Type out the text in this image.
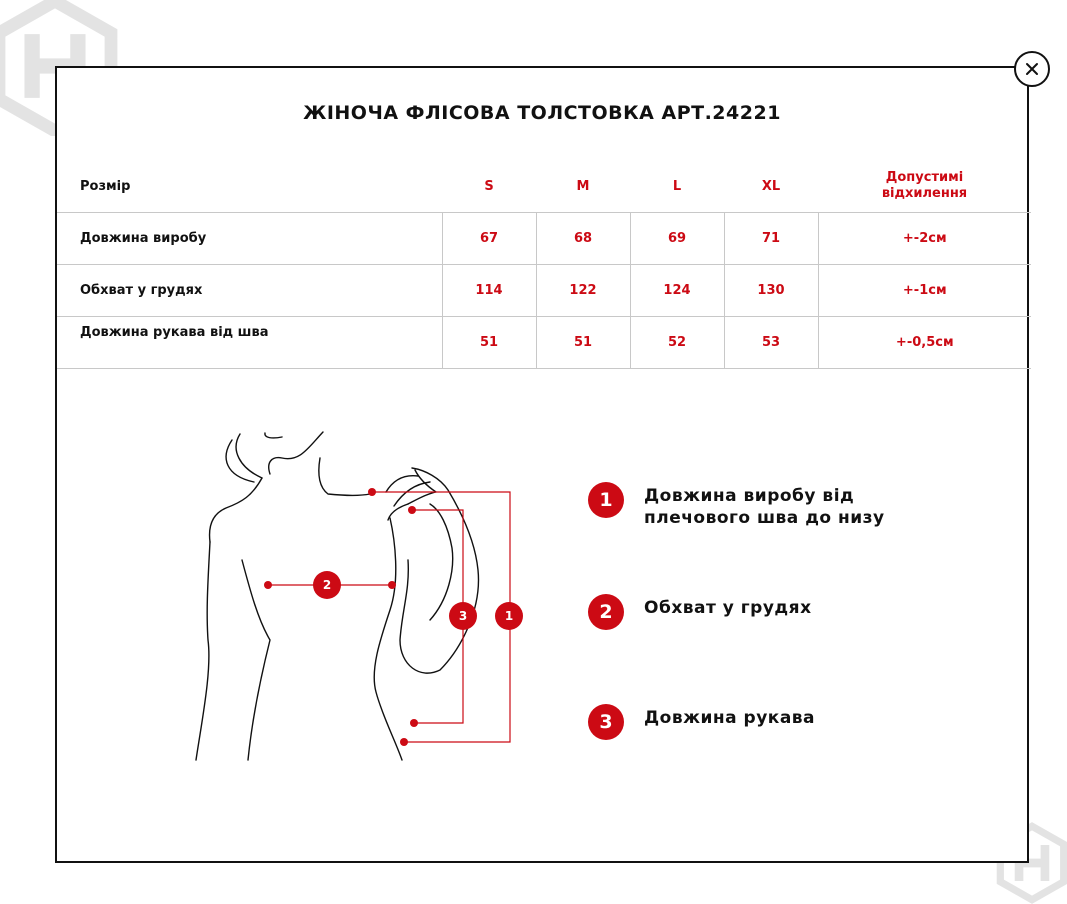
ЖІНОЧА ФЛІСОВА ТОЛСТОВКА АРТ.24221
Розмір	S	M	L	XL	Допустимі
відхилення
Довжина виробу	67	68	69	71	+-2см
Обхват у грудях	114	122	124	130	+-1см
Довжина рукава від шва	51	51	52	53	+-0,5см
2
3	1
1	Довжина виробу від
плечового шва до низу
2	Обхват у грудях
3	Довжина рукава
